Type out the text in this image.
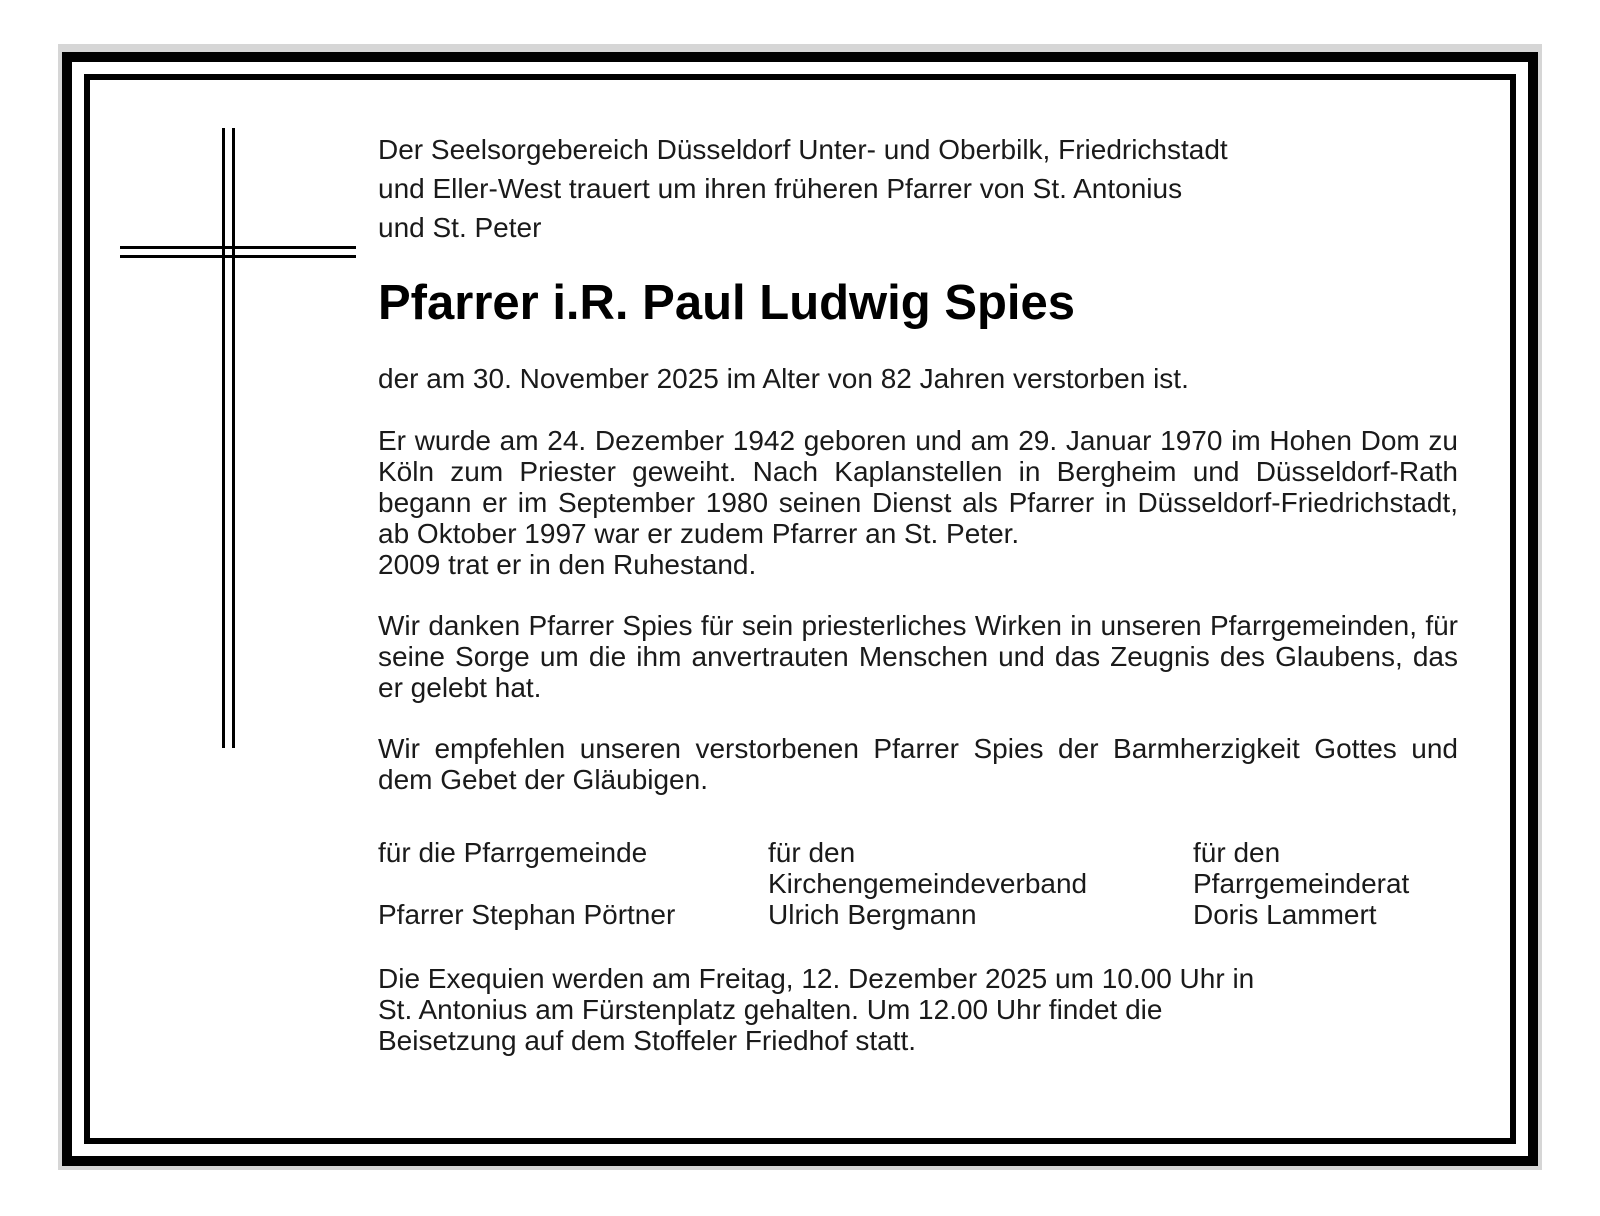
Der Seelsorgebereich Düsseldorf Unter- und Oberbilk, Friedrichstadt
und Eller-West trauert um ihren früheren Pfarrer von St. Antonius
und St. Peter

Pfarrer i.R. Paul Ludwig Spies

der am 30. November 2025 im Alter von 82 Jahren verstorben ist.

Er wurde am 24. Dezember 1942 geboren und am 29. Januar 1970 im Hohen Dom zu Köln zum Priester geweiht. Nach Kaplanstellen in Bergheim und Düsseldorf-Rath begann er im September 1980 seinen Dienst als Pfarrer in Düsseldorf-Friedrichstadt, ab Oktober 1997 war er zudem Pfarrer an St. Peter.

2009 trat er in den Ruhestand.

Wir danken Pfarrer Spies für sein priesterliches Wirken in unseren Pfarrgemeinden, für seine Sorge um die ihm anvertrauten Menschen und das Zeugnis des Glaubens, das er gelebt hat.

Wir empfehlen unseren verstorbenen Pfarrer Spies der Barmherzigkeit Gottes und dem Gebet der Gläubigen.

für die Pfarrgemeinde
Pfarrer Stephan Pörtner
für den
Kirchengemeindeverband
Ulrich Bergmann
für den
Pfarrgemeinderat
Doris Lammert

Die Exequien werden am Freitag, 12. Dezember 2025 um 10.00 Uhr in
St. Antonius am Fürstenplatz gehalten. Um 12.00 Uhr findet die
Beisetzung auf dem Stoffeler Friedhof statt.
